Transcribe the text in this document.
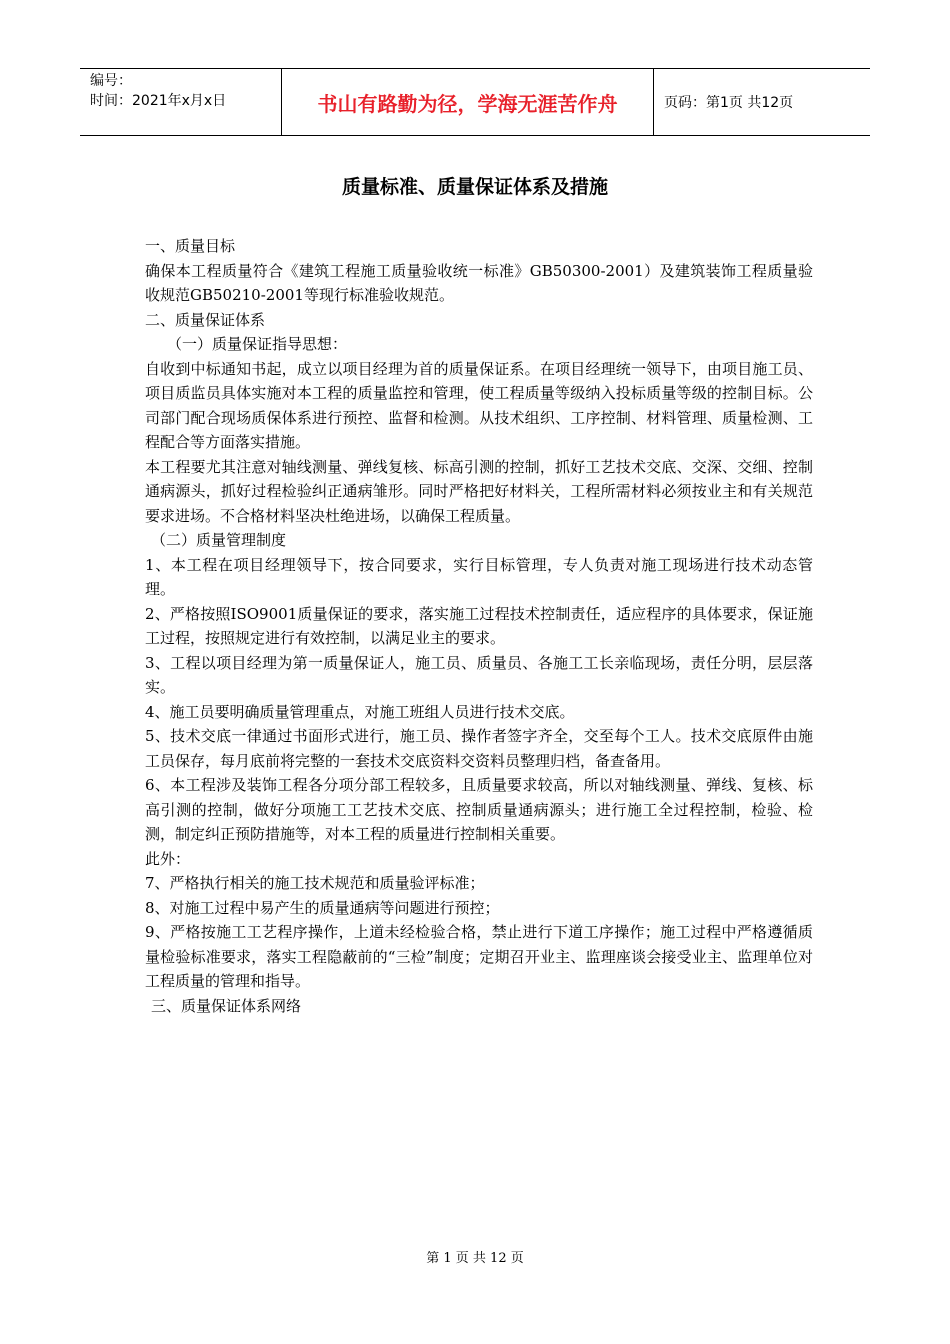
编号：
时间：2021年x月x日	书山有路勤为径，学海无涯苦作舟	页码：第1页 共12页
质量标准、质量保证体系及措施

一、质量目标

确保本工程质量符合《建筑工程施工质量验收统一标准》GB50300-2001）及建筑装饰工程质量验收规范GB50210-2001等现行标准验收规范。

二、质量保证体系

（一）质量保证指导思想：

自收到中标通知书起，成立以项目经理为首的质量保证系。在项目经理统一领导下，由项目施工员、项目质监员具体实施对本工程的质量监控和管理，使工程质量等级纳入投标质量等级的控制目标。公司部门配合现场质保体系进行预控、监督和检测。从技术组织、工序控制、材料管理、质量检测、工程配合等方面落实措施。

本工程要尤其注意对轴线测量、弹线复核、标高引测的控制，抓好工艺技术交底、交深、交细、控制通病源头，抓好过程检验纠正通病雏形。同时严格把好材料关，工程所需材料必须按业主和有关规范要求进场。不合格材料坚决杜绝进场，以确保工程质量。

（二）质量管理制度

1、本工程在项目经理领导下，按合同要求，实行目标管理，专人负责对施工现场进行技术动态管理。

2、严格按照ISO9001质量保证的要求，落实施工过程技术控制责任，适应程序的具体要求，保证施工过程，按照规定进行有效控制，以满足业主的要求。

3、工程以项目经理为第一质量保证人，施工员、质量员、各施工工长亲临现场，责任分明，层层落实。

4、施工员要明确质量管理重点，对施工班组人员进行技术交底。

5、技术交底一律通过书面形式进行，施工员、操作者签字齐全，交至每个工人。技术交底原件由施工员保存，每月底前将完整的一套技术交底资料交资料员整理归档，备查备用。

6、本工程涉及装饰工程各分项分部工程较多，且质量要求较高，所以对轴线测量、弹线、复核、标高引测的控制，做好分项施工工艺技术交底、控制质量通病源头；进行施工全过程控制，检验、检测，制定纠正预防措施等，对本工程的质量进行控制相关重要。

此外：

7、严格执行相关的施工技术规范和质量验评标准；

8、对施工过程中易产生的质量通病等问题进行预控；

9、严格按施工工艺程序操作，上道未经检验合格，禁止进行下道工序操作；施工过程中严格遵循质量检验标准要求，落实工程隐蔽前的“三检”制度；定期召开业主、监理座谈会接受业主、监理单位对工程质量的管理和指导。

三、质量保证体系网络

第 1 页 共 12 页
